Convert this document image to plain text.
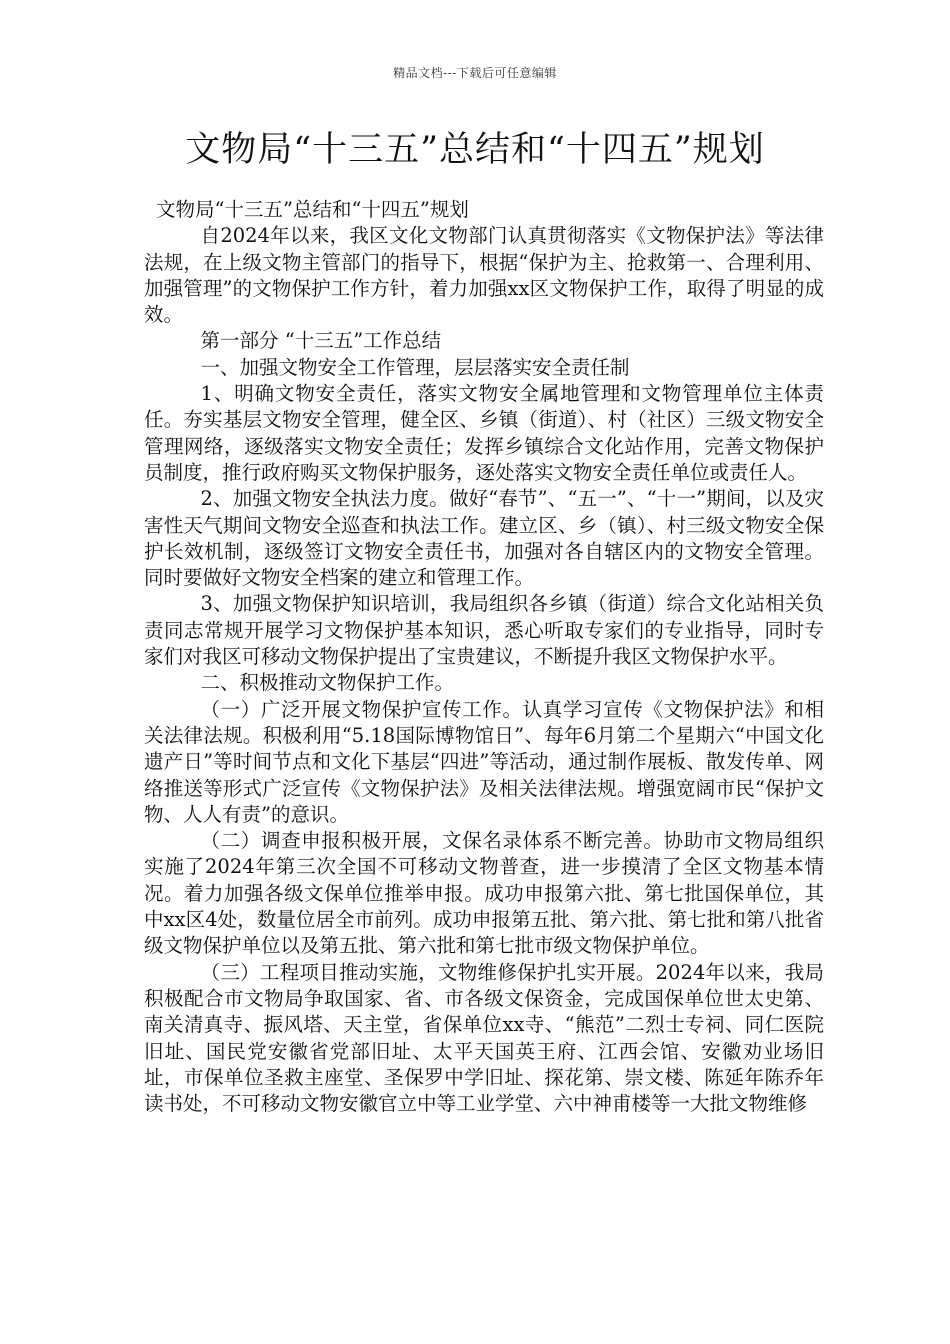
精品文档---下载后可任意编辑
文物局“十三五”总结和“十四五”规划

文物局“十三五”总结和“十四五”规划

自2024年以来，我区文化文物部门认真贯彻落实《文物保护法》等法律法规，在上级文物主管部门的指导下，根据“保护为主、抢救第一、合理利用、加强管理”的文物保护工作方针，着力加强xx区文物保护工作，取得了明显的成效。

第一部分 “十三五”工作总结

一、加强文物安全工作管理，层层落实安全责任制

1、明确文物安全责任，落实文物安全属地管理和文物管理单位主体责任。夯实基层文物安全管理，健全区、乡镇（街道）、村（社区）三级文物安全管理网络，逐级落实文物安全责任；发挥乡镇综合文化站作用，完善文物保护员制度，推行政府购买文物保护服务，逐处落实文物安全责任单位或责任人。

2、加强文物安全执法力度。做好“春节”、“五一”、“十一”期间，以及灾害性天气期间文物安全巡查和执法工作。建立区、乡（镇）、村三级文物安全保护长效机制，逐级签订文物安全责任书，加强对各自辖区内的文物安全管理。同时要做好文物安全档案的建立和管理工作。

3、加强文物保护知识培训，我局组织各乡镇（街道）综合文化站相关负责同志常规开展学习文物保护基本知识，悉心听取专家们的专业指导，同时专家们对我区可移动文物保护提出了宝贵建议，不断提升我区文物保护水平。

二、积极推动文物保护工作。

（一）广泛开展文物保护宣传工作。认真学习宣传《文物保护法》和相关法律法规。积极利用“5.18国际博物馆日”、每年6月第二个星期六“中国文化遗产日”等时间节点和文化下基层“四进”等活动，通过制作展板、散发传单、网络推送等形式广泛宣传《文物保护法》及相关法律法规。增强宽阔市民“保护文物、人人有责”的意识。

（二）调查申报积极开展，文保名录体系不断完善。协助市文物局组织实施了2024年第三次全国不可移动文物普查，进一步摸清了全区文物基本情况。着力加强各级文保单位推举申报。成功申报第六批、第七批国保单位，其中xx区4处，数量位居全市前列。成功申报第五批、第六批、第七批和第八批省级文物保护单位以及第五批、第六批和第七批市级文物保护单位。

（三）工程项目推动实施，文物维修保护扎实开展。2024年以来，我局积极配合市文物局争取国家、省、市各级文保资金，完成国保单位世太史第、南关清真寺、振风塔、天主堂，省保单位xx寺、“熊范”二烈士专祠、同仁医院旧址、国民党安徽省党部旧址、太平天国英王府、江西会馆、安徽劝业场旧址，市保单位圣救主座堂、圣保罗中学旧址、探花第、崇文楼、陈延年陈乔年读书处，不可移动文物安徽官立中等工业学堂、六中神甫楼等一大批文物维修
